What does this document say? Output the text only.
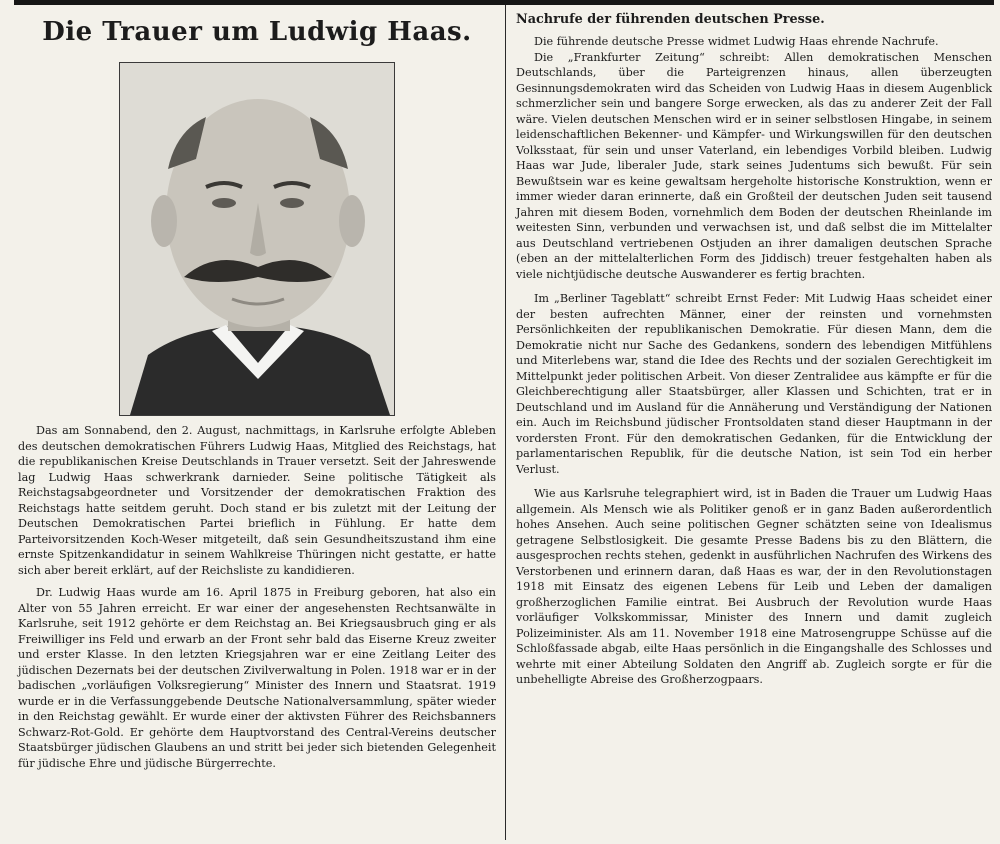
Die Trauer um Ludwig Haas.

Das am Sonnabend, den 2. August, nachmittags, in Karlsruhe erfolgte Ableben des deutschen demokratischen Führers Ludwig Haas, Mitglied des Reichstags, hat die republikanischen Kreise Deutschlands in Trauer versetzt. Seit der Jahreswende lag Ludwig Haas schwerkrank darnieder. Seine politische Tätigkeit als Reichstagsabgeordneter und Vorsitzender der demokratischen Fraktion des Reichstags hatte seitdem geruht. Doch stand er bis zuletzt mit der Leitung der Deutschen Demokratischen Partei brieflich in Fühlung. Er hatte dem Parteivorsitzenden Koch-Weser mitgeteilt, daß sein Gesundheitszustand ihm eine ernste Spitzenkandidatur in seinem Wahlkreise Thüringen nicht gestatte, er hatte sich aber bereit erklärt, auf der Reichsliste zu kandidieren.

Dr. Ludwig Haas wurde am 16. April 1875 in Freiburg geboren, hat also ein Alter von 55 Jahren erreicht. Er war einer der angesehensten Rechtsanwälte in Karlsruhe, seit 1912 gehörte er dem Reichstag an. Bei Kriegsausbruch ging er als Freiwilliger ins Feld und erwarb an der Front sehr bald das Eiserne Kreuz zweiter und erster Klasse. In den letzten Kriegsjahren war er eine Zeitlang Leiter des jüdischen Dezernats bei der deutschen Zivilverwaltung in Polen. 1918 war er in der badischen „vorläufigen Volksregierung“ Minister des Innern und Staatsrat. 1919 wurde er in die Verfassunggebende Deutsche Nationalversammlung, später wieder in den Reichstag gewählt. Er wurde einer der aktivsten Führer des Reichsbanners Schwarz-Rot-Gold. Er gehörte dem Hauptvorstand des Central-Vereins deutscher Staatsbürger jüdischen Glaubens an und stritt bei jeder sich bietenden Gelegenheit für jüdische Ehre und jüdische Bürgerrechte.

Nachrufe der führenden deutschen Presse.

Die führende deutsche Presse widmet Ludwig Haas ehrende Nachrufe.

Die „Frankfurter Zeitung“ schreibt: Allen demokratischen Menschen Deutschlands, über die Parteigrenzen hinaus, allen überzeugten Gesinnungsdemokraten wird das Scheiden von Ludwig Haas in diesem Augenblick schmerzlicher sein und bangere Sorge erwecken, als das zu anderer Zeit der Fall wäre. Vielen deutschen Menschen wird er in seiner selbstlosen Hingabe, in seinem leidenschaftlichen Bekenner- und Kämpfer- und Wirkungswillen für den deutschen Volksstaat, für sein und unser Vaterland, ein lebendiges Vorbild bleiben. Ludwig Haas war Jude, liberaler Jude, stark seines Judentums sich bewußt. Für sein Bewußtsein war es keine gewaltsam hergeholte historische Konstruktion, wenn er immer wieder daran erinnerte, daß ein Großteil der deutschen Juden seit tausend Jahren mit diesem Boden, vornehmlich dem Boden der deutschen Rheinlande im weitesten Sinn, verbunden und verwachsen ist, und daß selbst die im Mittelalter aus Deutschland vertriebenen Ostjuden an ihrer damaligen deutschen Sprache (eben an der mittelalterlichen Form des Jiddisch) treuer festgehalten haben als viele nichtjüdische deutsche Auswanderer es fertig brachten.

Im „Berliner Tageblatt“ schreibt Ernst Feder: Mit Ludwig Haas scheidet einer der besten aufrechten Männer, einer der reinsten und vornehmsten Persönlichkeiten der republikanischen Demokratie. Für diesen Mann, dem die Demokratie nicht nur Sache des Gedankens, sondern des lebendigen Mitfühlens und Miterlebens war, stand die Idee des Rechts und der sozialen Gerechtigkeit im Mittelpunkt jeder politischen Arbeit. Von dieser Zentralidee aus kämpfte er für die Gleichberechtigung aller Staatsbürger, aller Klassen und Schichten, trat er in Deutschland und im Ausland für die Annäherung und Verständigung der Nationen ein. Auch im Reichsbund jüdischer Frontsoldaten stand dieser Hauptmann in der vordersten Front. Für den demokratischen Gedanken, für die Entwicklung der parlamentarischen Republik, für die deutsche Nation, ist sein Tod ein herber Verlust.

Wie aus Karlsruhe telegraphiert wird, ist in Baden die Trauer um Ludwig Haas allgemein. Als Mensch wie als Politiker genoß er in ganz Baden außerordentlich hohes Ansehen. Auch seine politischen Gegner schätzten seine von Idealismus getragene Selbstlosigkeit. Die gesamte Presse Badens bis zu den Blättern, die ausgesprochen rechts stehen, gedenkt in ausführlichen Nachrufen des Wirkens des Verstorbenen und erinnern daran, daß Haas es war, der in den Revolutionstagen 1918 mit Einsatz des eigenen Lebens für Leib und Leben der damaligen großherzoglichen Familie eintrat. Bei Ausbruch der Revolution wurde Haas vorläufiger Volkskommissar, Minister des Innern und damit zugleich Polizeiminister. Als am 11. November 1918 eine Matrosengruppe Schüsse auf die Schloßfassade abgab, eilte Haas persönlich in die Eingangshalle des Schlosses und wehrte mit einer Abteilung Soldaten den Angriff ab. Zugleich sorgte er für die unbehelligte Abreise des Großherzogpaars.
